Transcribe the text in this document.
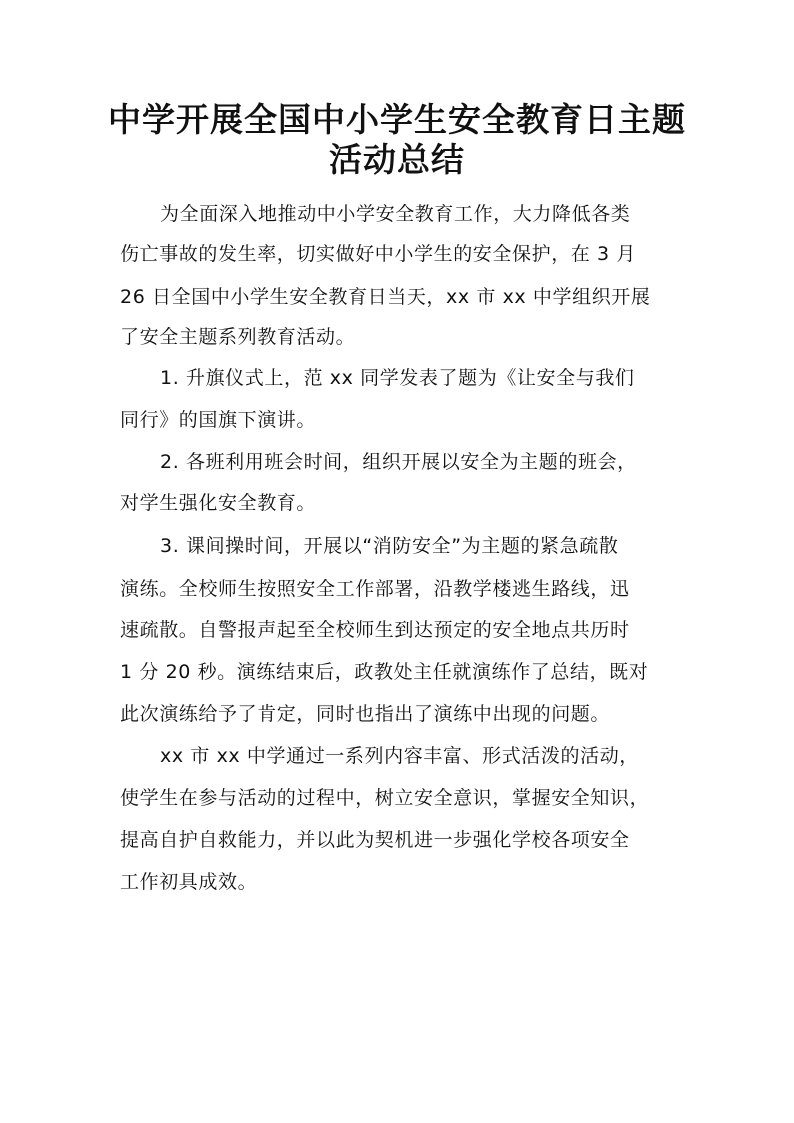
中学开展全国中小学生安全教育日主题
活动总结
为全面深入地推动中小学安全教育工作，大力降低各类
伤亡事故的发生率，切实做好中小学生的安全保护，在 3 月
26 日全国中小学生安全教育日当天，xx 市 xx 中学组织开展
了安全主题系列教育活动。
1. 升旗仪式上，范 xx 同学发表了题为《让安全与我们
同行》的国旗下演讲。
2. 各班利用班会时间，组织开展以安全为主题的班会，
对学生强化安全教育。
3. 课间操时间，开展以“消防安全”为主题的紧急疏散
演练。全校师生按照安全工作部署，沿教学楼逃生路线，迅
速疏散。自警报声起至全校师生到达预定的安全地点共历时
1 分 20 秒。演练结束后，政教处主任就演练作了总结，既对
此次演练给予了肯定，同时也指出了演练中出现的问题。
xx 市 xx 中学通过一系列内容丰富、形式活泼的活动，
使学生在参与活动的过程中，树立安全意识，掌握安全知识，
提高自护自救能力，并以此为契机进一步强化学校各项安全
工作初具成效。
